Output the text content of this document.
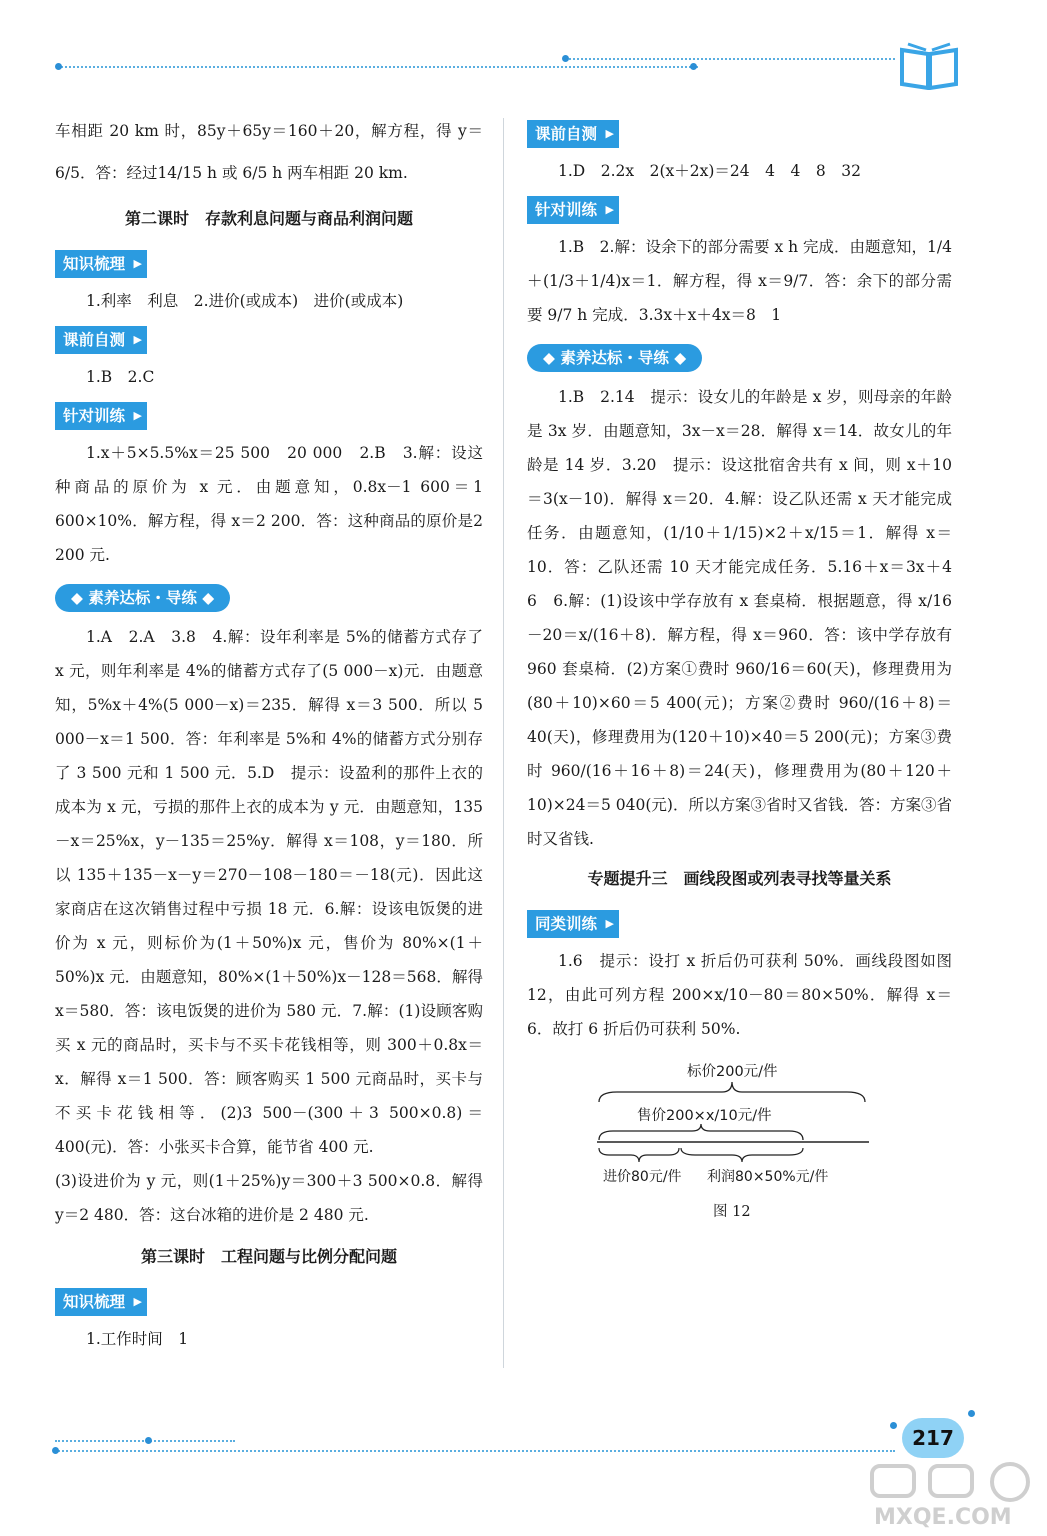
车相距 20 km 时，85y＋65y＝160＋20，解方程，得 y＝6/5．答：经过14/15 h 或 6/5 h 两车相距 20 km.

第二课时　存款利息问题与商品利润问题
知识梳理 ▶

1.利率　利息　2.进价(或成本)　进价(或成本)

课前自测 ▶

1.B　2.C

针对训练 ▶

1.x＋5×5.5%x＝25 500　20 000　2.B　3.解：设这种商品的原价为 x 元．由题意知，0.8x－1 600＝1 600×10%．解方程，得 x＝2 200．答：这种商品的原价是2 200 元.

◆ 素养达标・导练 ◆

1.A　2.A　3.8　4.解：设年利率是 5%的储蓄方式存了 x 元，则年利率是 4%的储蓄方式存了(5 000－x)元．由题意知，5%x＋4%(5 000－x)＝235．解得 x＝3 500．所以 5 000－x＝1 500．答：年利率是 5%和 4%的储蓄方式分别存了 3 500 元和 1 500 元．5.D　提示：设盈利的那件上衣的成本为 x 元，亏损的那件上衣的成本为 y 元．由题意知，135－x＝25%x，y－135＝25%y．解得 x＝108，y＝180．所以 135＋135－x－y＝270－108－180＝－18(元)．因此这家商店在这次销售过程中亏损 18 元．6.解：设该电饭煲的进价为 x 元，则标价为(1＋50%)x 元，售价为 80%×(1＋50%)x 元．由题意知，80%×(1＋50%)x－128＝568．解得 x＝580．答：该电饭煲的进价为 580 元．7.解：(1)设顾客购买 x 元的商品时，买卡与不买卡花钱相等，则 300＋0.8x＝x．解得 x＝1 500．答：顾客购买 1 500 元商品时，买卡与不买卡花钱相等．(2)3 500－(300＋3 500×0.8)＝400(元)．答：小张买卡合算，能节省 400 元.

(3)设进价为 y 元，则(1＋25%)y＝300＋3 500×0.8．解得 y＝2 480．答：这台冰箱的进价是 2 480 元.

第三课时　工程问题与比例分配问题
知识梳理 ▶

1.工作时间　1

课前自测 ▶

1.D　2.2x　2(x＋2x)＝24　4　4　8　32

针对训练 ▶

1.B　2.解：设余下的部分需要 x h 完成．由题意知，1/4＋(1/3＋1/4)x＝1．解方程，得 x＝9/7．答：余下的部分需要 9/7 h 完成．3.3x＋x＋4x＝8　1

◆ 素养达标・导练 ◆

1.B　2.14　提示：设女儿的年龄是 x 岁，则母亲的年龄是 3x 岁．由题意知，3x－x＝28．解得 x＝14．故女儿的年龄是 14 岁．3.20　提示：设这批宿舍共有 x 间，则 x＋10＝3(x－10)．解得 x＝20．4.解：设乙队还需 x 天才能完成任务．由题意知，(1/10＋1/15)×2＋x/15＝1．解得 x＝10．答：乙队还需 10 天才能完成任务．5.16＋x＝3x＋4　6　6.解：(1)设该中学存放有 x 套桌椅．根据题意，得 x/16－20＝x/(16＋8)．解方程，得 x＝960．答：该中学存放有 960 套桌椅．(2)方案①费时 960/16＝60(天)，修理费用为(80＋10)×60＝5 400(元)；方案②费时 960/(16＋8)＝40(天)，修理费用为(120＋10)×40＝5 200(元)；方案③费时 960/(16＋16＋8)＝24(天)，修理费用为(80＋120＋10)×24＝5 040(元)．所以方案③省时又省钱．答：方案③省时又省钱.

专题提升三　画线段图或列表寻找等量关系
同类训练 ▶

1.6　提示：设打 x 折后仍可获利 50%．画线段图如图 12，由此可列方程 200×x/10－80＝80×50%．解得 x＝6．故打 6 折后仍可获利 50%.

标价200元/件
售价200×x/10元/件
进价80元/件 利润80×50%元/件
图 12
217
MXQE.COM
